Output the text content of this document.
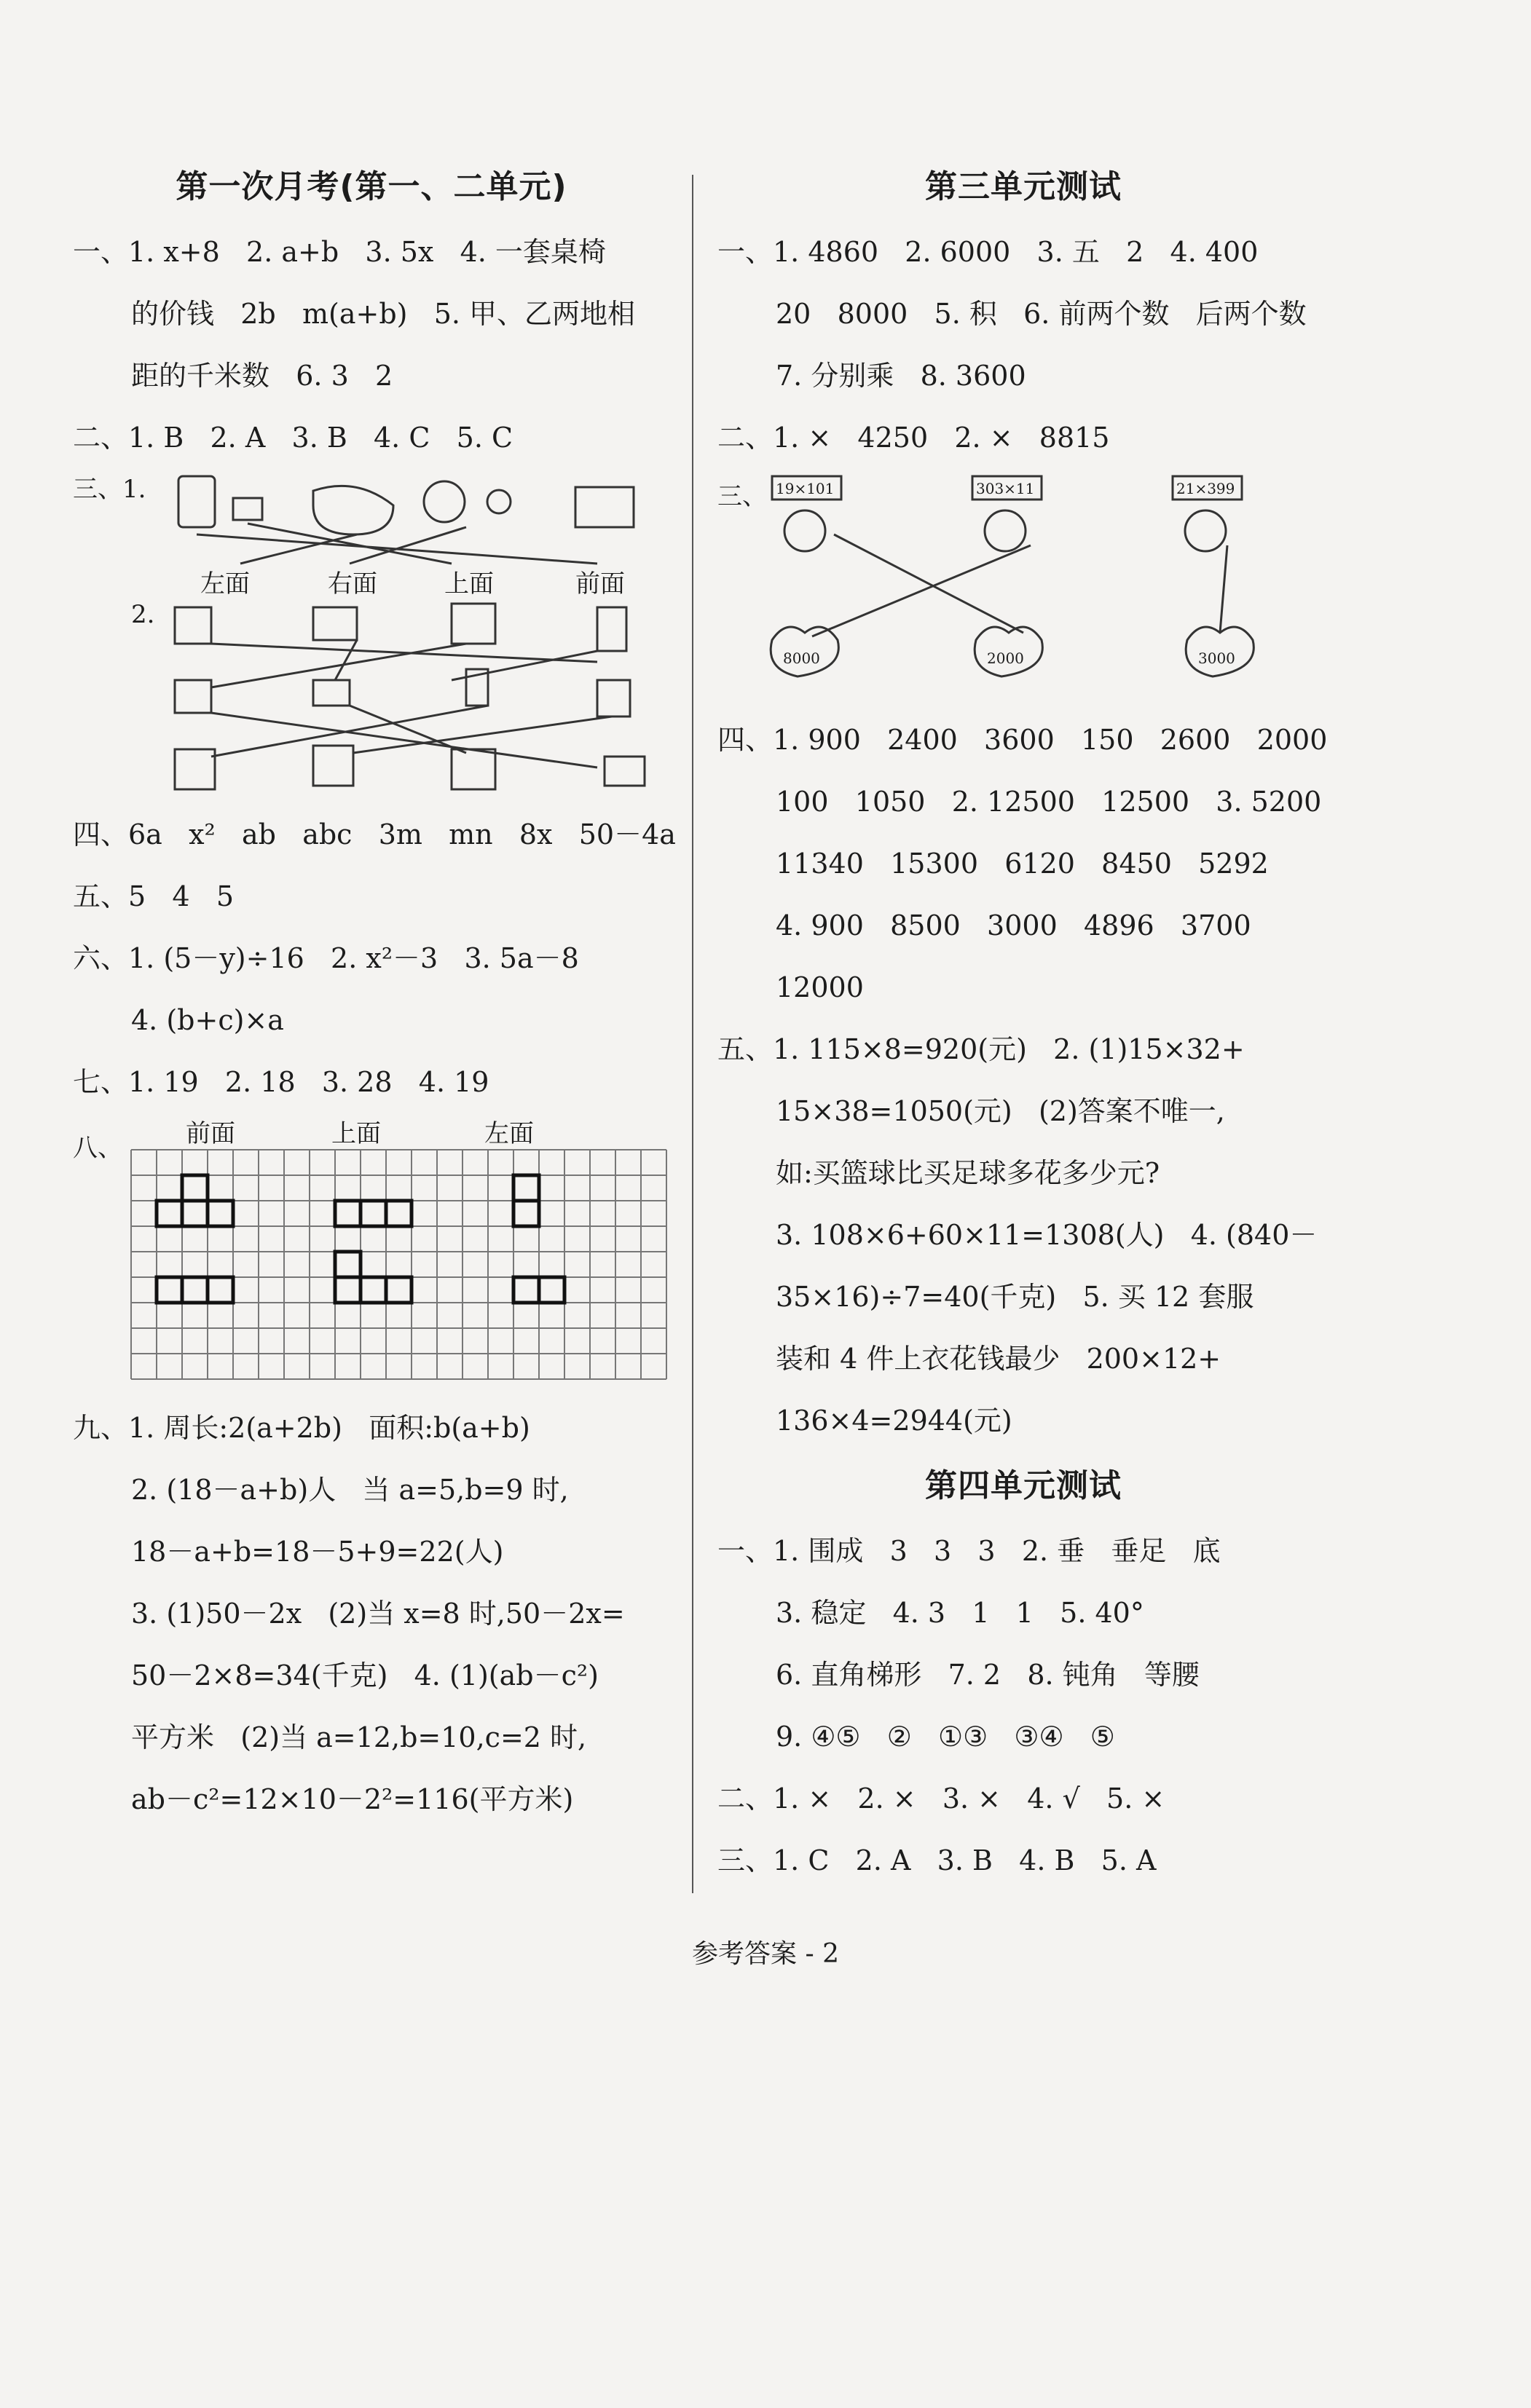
第一次月考(第一、二单元)
一、1. x+8   2. a+b   3. 5x   4. 一套桌椅
的价钱   2b   m(a+b)   5. 甲、乙两地相
距的千米数   6. 3   2
二、1. B   2. A   3. B   4. C   5. C
三、1.
左面	右面	上面	前面
2.
四、6a   x²   ab   abc   3m   mn   8x   50－4a
五、5   4   5
六、1. (5－y)÷16   2. x²－3   3. 5a－8
4. (b+c)×a
七、1. 19   2. 18   3. 28   4. 19
八、	前面	上面	左面
九、1. 周长:2(a+2b)   面积:b(a+b)
2. (18－a+b)人   当 a=5,b=9 时,
18－a+b=18－5+9=22(人)
3. (1)50－2x   (2)当 x=8 时,50－2x=
50－2×8=34(千克)   4. (1)(ab－c²)
平方米   (2)当 a=12,b=10,c=2 时,
ab－c²=12×10－2²=116(平方米)
第三单元测试
一、1. 4860   2. 6000   3. 五   2   4. 400
20   8000   5. 积   6. 前两个数   后两个数
7. 分别乘   8. 3600
二、1. ×   4250   2. ×   8815
三、 19×101	303×11	21×399
8000	2000	3000
四、1. 900   2400   3600   150   2600   2000
100   1050   2. 12500   12500   3. 5200
11340   15300   6120   8450   5292
4. 900   8500   3000   4896   3700
12000
五、1. 115×8=920(元)   2. (1)15×32+
15×38=1050(元)   (2)答案不唯一,
如:买篮球比买足球多花多少元?
3. 108×6+60×11=1308(人)   4. (840－
35×16)÷7=40(千克)   5. 买 12 套服
装和 4 件上衣花钱最少   200×12+
136×4=2944(元)
第四单元测试
一、1. 围成   3   3   3   2. 垂   垂足   底
3. 稳定   4. 3   1   1   5. 40°
6. 直角梯形   7. 2   8. 钝角   等腰
9. ④⑤   ②   ①③   ③④   ⑤
二、1. ×   2. ×   3. ×   4. √   5. ×
三、1. C   2. A   3. B   4. B   5. A
参考答案 - 2
